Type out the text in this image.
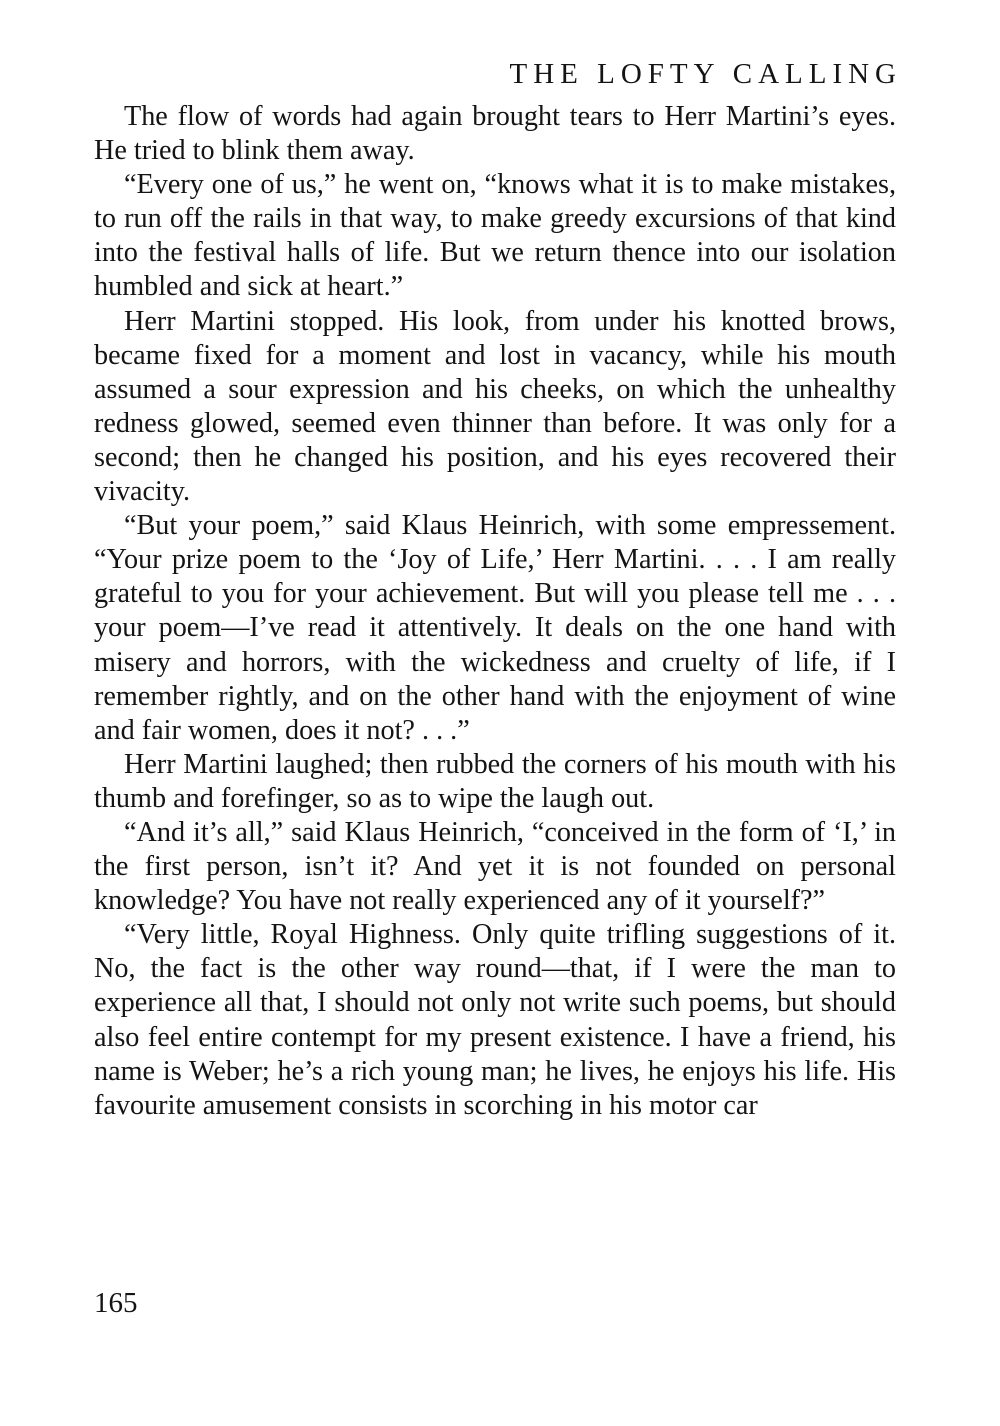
THE LOFTY CALLING

The flow of words had again brought tears to Herr Martini’s eyes. He tried to blink them away.

“Every one of us,” he went on, “knows what it is to make mistakes, to run off the rails in that way, to make greedy excursions of that kind into the festival halls of life. But we return thence into our isolation humbled and sick at heart.”

Herr Martini stopped. His look, from under his knotted brows, became fixed for a moment and lost in vacancy, while his mouth assumed a sour expression and his cheeks, on which the unhealthy redness glowed, seemed even thinner than before. It was only for a second; then he changed his position, and his eyes recovered their vivacity.

“But your poem,” said Klaus Heinrich, with some empressement. “Your prize poem to the ‘Joy of Life,’ Herr Martini. . . . I am really grateful to you for your achievement. But will you please tell me . . . your poem—I’ve read it attentively. It deals on the one hand with misery and horrors, with the wickedness and cruelty of life, if I remember rightly, and on the other hand with the enjoyment of wine and fair women, does it not? . . .”

Herr Martini laughed; then rubbed the corners of his mouth with his thumb and forefinger, so as to wipe the laugh out.

“And it’s all,” said Klaus Heinrich, “conceived in the form of ‘I,’ in the first person, isn’t it? And yet it is not founded on personal knowledge? You have not really experienced any of it yourself?”

“Very little, Royal Highness. Only quite trifling suggestions of it. No, the fact is the other way round—that, if I were the man to experience all that, I should not only not write such poems, but should also feel entire contempt for my present existence. I have a friend, his name is Weber; he’s a rich young man; he lives, he enjoys his life. His favourite amusement consists in scorching in his motor car

165
